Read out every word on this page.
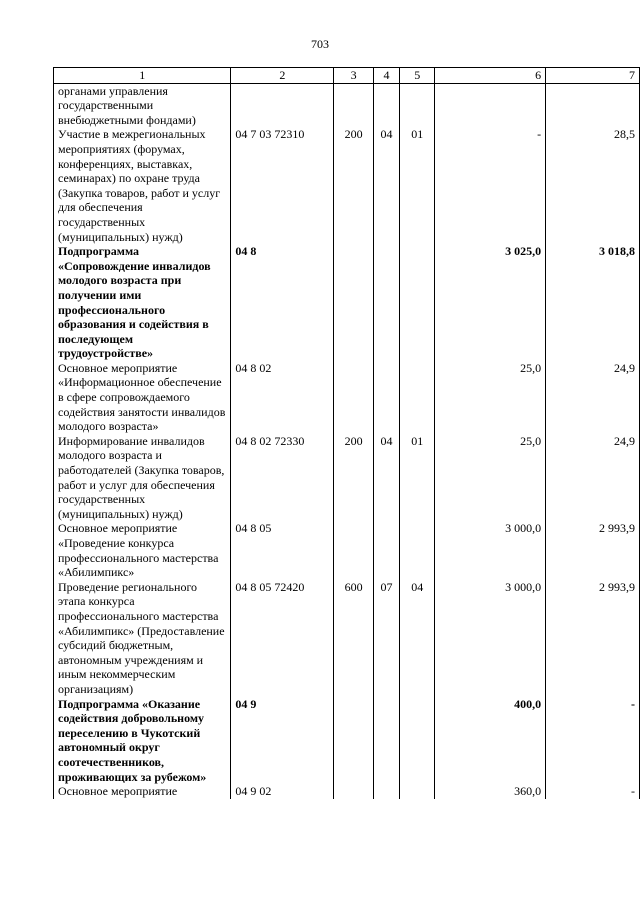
703
1	2	3	4	5	6	7
органами управления государственными внебюджетными фондами)						
Участие в межрегиональных мероприятиях (форумах, конференциях, выставках, семинарах) по охране труда (Закупка товаров, работ и услуг для обеспечения государственных (муниципальных) нужд)	04 7 03 72310	200	04	01	-	28,5
Подпрограмма «Сопровождение инвалидов молодого возраста при получении ими профессионального образования и содействия в последующем трудоустройстве»	04 8				3 025,0	3 018,8
Основное мероприятие «Информационное обеспечение в сфере сопровождаемого содействия занятости инвалидов молодого возраста»	04 8 02				25,0	24,9
Информирование инвалидов молодого возраста и работодателей (Закупка товаров, работ и услуг для обеспечения государственных (муниципальных) нужд)	04 8 02 72330	200	04	01	25,0	24,9
Основное мероприятие «Проведение конкурса профессионального мастерства «Абилимпикс»	04 8 05				3 000,0	2 993,9
Проведение регионального этапа конкурса профессионального мастерства «Абилимпикс» (Предоставление субсидий бюджетным, автономным учреждениям и иным некоммерческим организациям)	04 8 05 72420	600	07	04	3 000,0	2 993,9
Подпрограмма «Оказание содействия добровольному переселению в Чукотский автономный округ соотечественников, проживающих за рубежом»	04 9				400,0	-
Основное мероприятие	04 9 02				360,0	-
